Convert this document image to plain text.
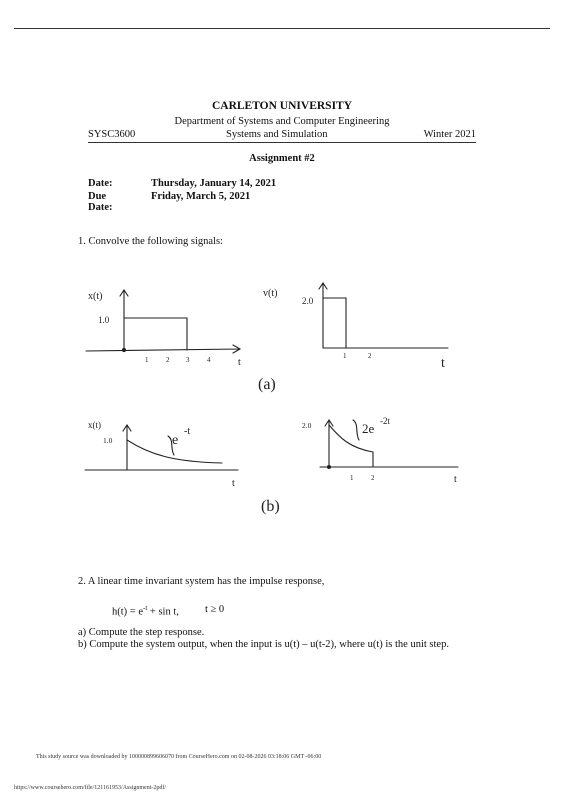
CARLETON UNIVERSITY
Department of Systems and Computer Engineering
SYSC3600	Systems and Simulation	Winter 2021
Assignment #2
Date:	Thursday, January 14, 2021
Due Date:
Friday, March 5, 2021
1. Convolve the following signals:
x(t)
1.0
1	2 3	4	t
v(t)
2.0
1	2	t
(a)
x(t)
1.0	e
-t
t
2.0	2e -2t
1	2	t
(b)
2. A linear time invariant system has the impulse response,
$h(t) = e^{-t} + \sin t$, t ≥ 0
a) Compute the step response.
b) Compute the system output, when the input is u(t) – u(t-2), where u(t) is the unit step.
This study source was downloaded by 100000899606070 from CourseHero.com on 02-08-2026 03:18:06 GMT -06:00
https://www.coursehero.com/file/121161953/Assignment-2pdf/
